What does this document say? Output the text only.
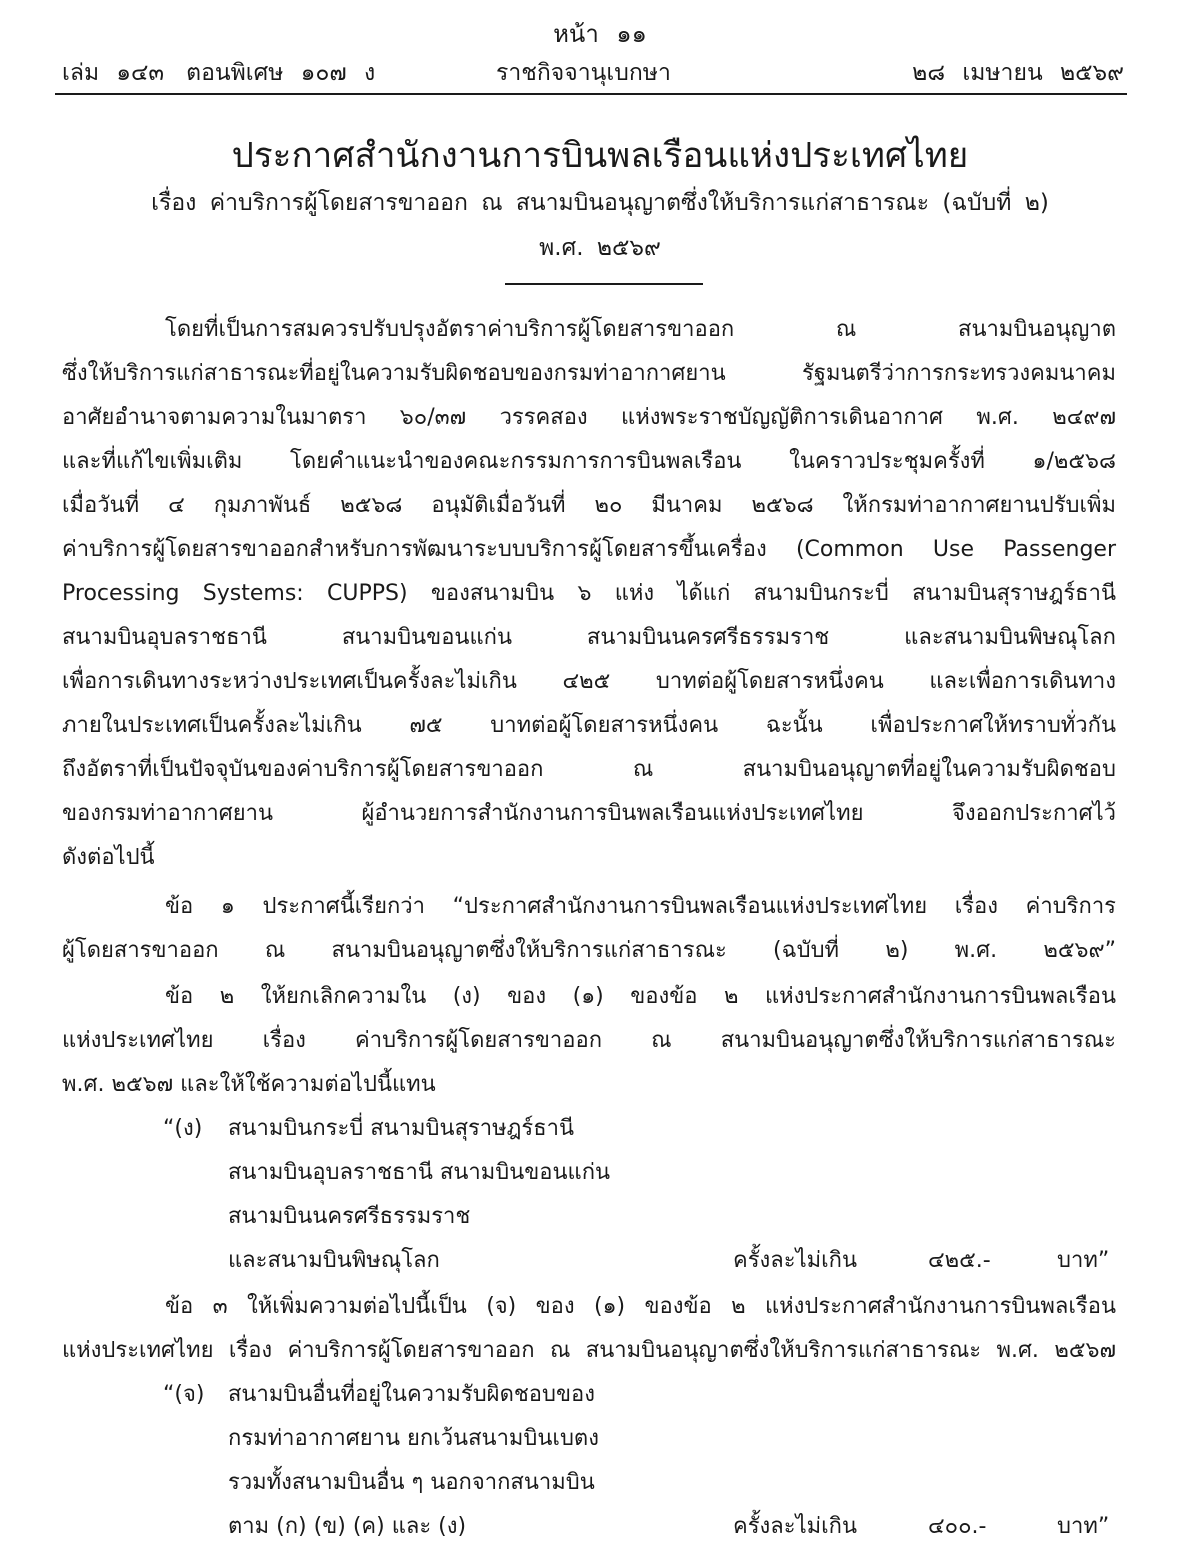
หน้า ๑๑
เล่ม ๑๔๓ ตอนพิเศษ ๑๐๗ ง	ราชกิจจานุเบกษา	๒๘ เมษายน ๒๕๖๙
ประกาศสำนักงานการบินพลเรือนแห่งประเทศไทย
เรื่อง ค่าบริการผู้โดยสารขาออก ณ สนามบินอนุญาตซึ่งให้บริการแก่สาธารณะ (ฉบับที่ ๒)
พ.ศ. ๒๕๖๙
โดยที่เป็นการสมควรปรับปรุงอัตราค่าบริการผู้โดยสารขาออก ณ สนามบินอนุญาต
ซึ่งให้บริการแก่สาธารณะที่อยู่ในความรับผิดชอบของกรมท่าอากาศยาน รัฐมนตรีว่าการกระทรวงคมนาคม
อาศัยอำนาจตามความในมาตรา ๖๐/๓๗ วรรคสอง แห่งพระราชบัญญัติการเดินอากาศ พ.ศ. ๒๔๙๗
และที่แก้ไขเพิ่มเติม โดยคำแนะนำของคณะกรรมการการบินพลเรือน ในคราวประชุมครั้งที่ ๑/๒๕๖๘
เมื่อวันที่ ๔ กุมภาพันธ์ ๒๕๖๘ อนุมัติเมื่อวันที่ ๒๐ มีนาคม ๒๕๖๘ ให้กรมท่าอากาศยานปรับเพิ่ม
ค่าบริการผู้โดยสารขาออกสำหรับการพัฒนาระบบบริการผู้โดยสารขึ้นเครื่อง (Common Use Passenger
Processing Systems: CUPPS) ของสนามบิน ๖ แห่ง ได้แก่ สนามบินกระบี่ สนามบินสุราษฎร์ธานี
สนามบินอุบลราชธานี สนามบินขอนแก่น สนามบินนครศรีธรรมราช และสนามบินพิษณุโลก
เพื่อการเดินทางระหว่างประเทศเป็นครั้งละไม่เกิน ๔๒๕ บาทต่อผู้โดยสารหนึ่งคน และเพื่อการเดินทาง
ภายในประเทศเป็นครั้งละไม่เกิน ๗๕ บาทต่อผู้โดยสารหนึ่งคน ฉะนั้น เพื่อประกาศให้ทราบทั่วกัน
ถึงอัตราที่เป็นปัจจุบันของค่าบริการผู้โดยสารขาออก ณ สนามบินอนุญาตที่อยู่ในความรับผิดชอบ
ของกรมท่าอากาศยาน ผู้อำนวยการสำนักงานการบินพลเรือนแห่งประเทศไทย จึงออกประกาศไว้
ดังต่อไปนี้
ข้อ ๑ ประกาศนี้เรียกว่า “ประกาศสำนักงานการบินพลเรือนแห่งประเทศไทย เรื่อง ค่าบริการ
ผู้โดยสารขาออก ณ สนามบินอนุญาตซึ่งให้บริการแก่สาธารณะ (ฉบับที่ ๒) พ.ศ. ๒๕๖๙”
ข้อ ๒ ให้ยกเลิกความใน (ง) ของ (๑) ของข้อ ๒ แห่งประกาศสำนักงานการบินพลเรือน
แห่งประเทศไทย เรื่อง ค่าบริการผู้โดยสารขาออก ณ สนามบินอนุญาตซึ่งให้บริการแก่สาธารณะ
พ.ศ. ๒๕๖๗ และให้ใช้ความต่อไปนี้แทน
“(ง) สนามบินกระบี่ สนามบินสุราษฎร์ธานี
สนามบินอุบลราชธานี สนามบินขอนแก่น
สนามบินนครศรีธรรมราช
และสนามบินพิษณุโลก	ครั้งละไม่เกิน	๔๒๕.-	บาท”
ข้อ ๓ ให้เพิ่มความต่อไปนี้เป็น (จ) ของ (๑) ของข้อ ๒ แห่งประกาศสำนักงานการบินพลเรือน
แห่งประเทศไทย เรื่อง ค่าบริการผู้โดยสารขาออก ณ สนามบินอนุญาตซึ่งให้บริการแก่สาธารณะ พ.ศ. ๒๕๖๗
“(จ) สนามบินอื่นที่อยู่ในความรับผิดชอบของ
กรมท่าอากาศยาน ยกเว้นสนามบินเบตง
รวมทั้งสนามบินอื่น ๆ นอกจากสนามบิน
ตาม (ก) (ข) (ค) และ (ง)	ครั้งละไม่เกิน	๔๐๐.-	บาท”
